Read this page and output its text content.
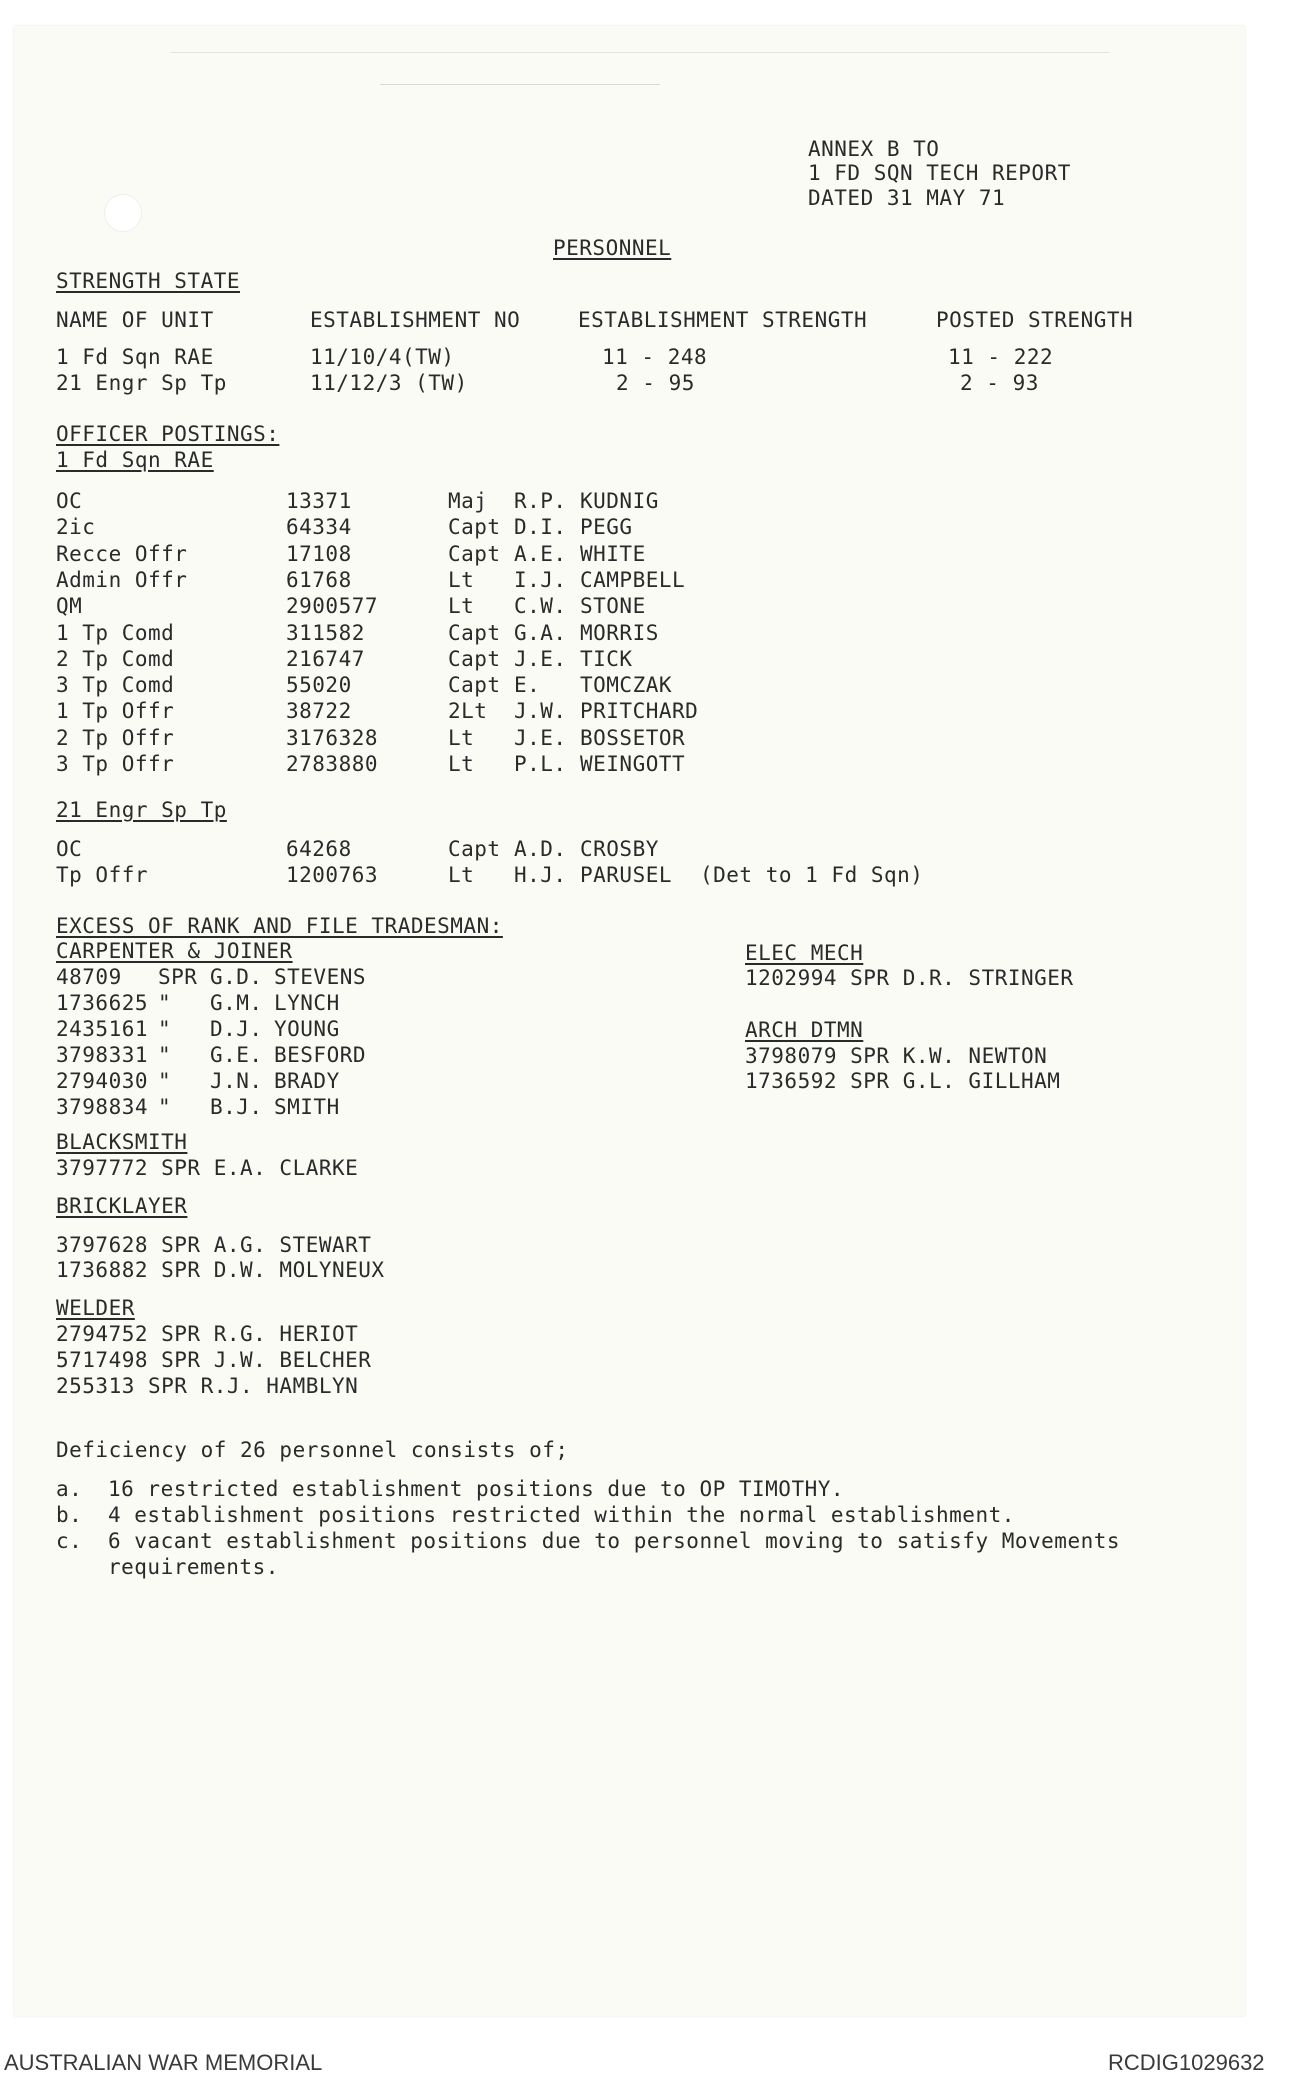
ANNEX B TO
1 FD SQN TECH REPORT
DATED 31 MAY 71
PERSONNEL
STRENGTH STATE
NAME OF UNIT	ESTABLISHMENT NO	ESTABLISHMENT STRENGTH	POSTED STRENGTH
1 Fd Sqn RAE	11/10/4(TW)	11 - 248	11 - 222
21 Engr Sp Tp	11/12/3 (TW)	2 - 95	2 - 93
OFFICER POSTINGS:
1 Fd Sqn RAE
OC	13371	Maj R.P. KUDNIG
2ic	64334	Capt D.I. PEGG
Recce Offr	17108	Capt A.E. WHITE
Admin Offr	61768	Lt I.J. CAMPBELL
QM	2900577	Lt C.W. STONE
1 Tp Comd	311582	Capt G.A. MORRIS
2 Tp Comd	216747	Capt J.E. TICK
3 Tp Comd	55020	Capt E. TOMCZAK
1 Tp Offr	38722	2Lt J.W. PRITCHARD
2 Tp Offr	3176328	Lt J.E. BOSSETOR
3 Tp Offr	2783880	Lt P.L. WEINGOTT
21 Engr Sp Tp
OC	64268	Capt A.D. CROSBY
Tp Offr	1200763	Lt H.J. PARUSEL (Det to 1 Fd Sqn)
EXCESS OF RANK AND FILE TRADESMAN:
CARPENTER & JOINER
48709 SPR G.D. STEVENS
1736625 " G.M. LYNCH
2435161 " D.J. YOUNG
3798331 " G.E. BESFORD
2794030 " J.N. BRADY
3798834 " B.J. SMITH
ELEC MECH
1202994 SPR D.R. STRINGER
ARCH DTMN
3798079 SPR K.W. NEWTON
1736592 SPR G.L. GILLHAM
BLACKSMITH
3797772 SPR E.A. CLARKE
BRICKLAYER
3797628 SPR A.G. STEWART
1736882 SPR D.W. MOLYNEUX
WELDER
2794752 SPR R.G. HERIOT
5717498 SPR J.W. BELCHER
255313 SPR R.J. HAMBLYN
Deficiency of 26 personnel consists of;
a. 16 restricted establishment positions due to OP TIMOTHY.
b. 4 establishment positions restricted within the normal establishment.
c. 6 vacant establishment positions due to personnel moving to satisfy Movements
requirements.
AUSTRALIAN WAR MEMORIAL	RCDIG1029632
